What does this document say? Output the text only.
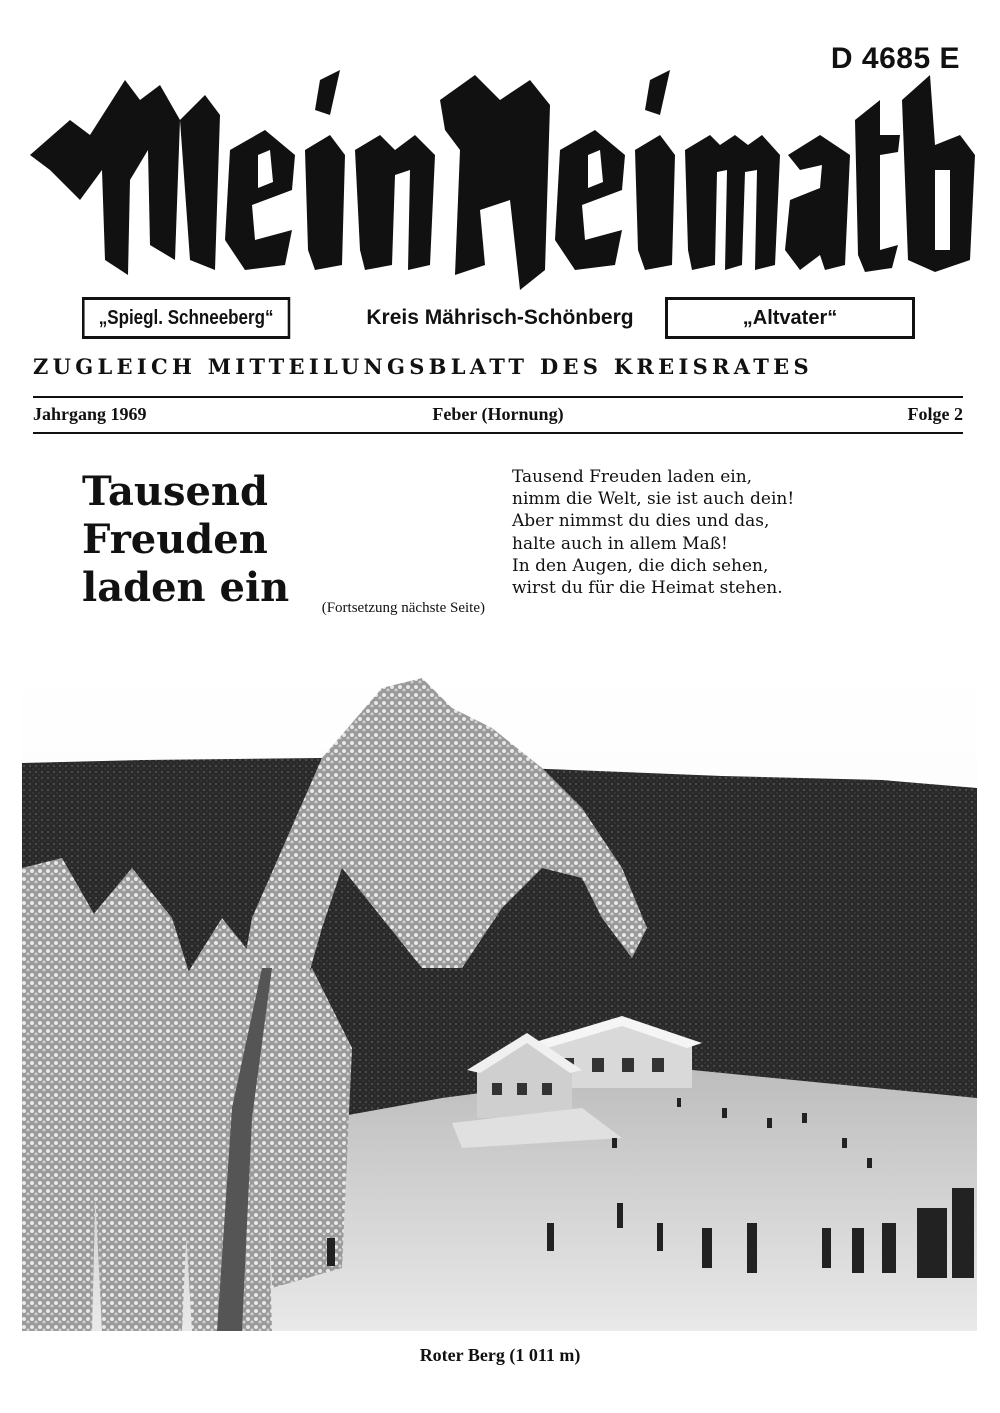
D 4685 E
„Spiegl. Schneeberg“	Kreis Mährisch-Schönberg	„Altvater“
ZUGLEICH MITTEILUNGSBLATT DES KREISRATES
Jahrgang 1969	Feber (Hornung)	Folge 2
Tausend Freuden
laden ein	(Fortsetzung nächste Seite)
Tausend Freuden laden ein,
nimm die Welt, sie ist auch dein!
Aber nimmst du dies und das,
halte auch in allem Maß!
In den Augen, die dich sehen,
wirst du für die Heimat stehen.
Roter Berg (1 011 m)
